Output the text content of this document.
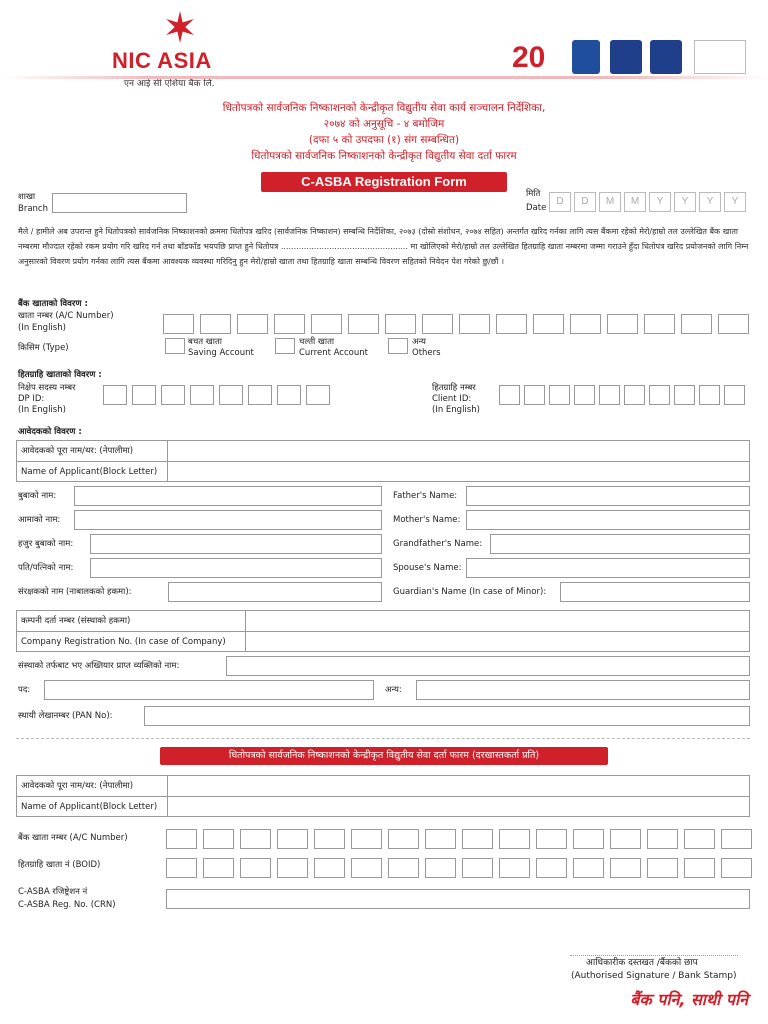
NIC ASIA
एन आई सी एशिया बैंक लि.
20
धितोपत्रको सार्वजनिक निष्काशनको केन्द्रीकृत विद्युतीय सेवा कार्य सञ्चालन निर्देशिका,
२०७४ को अनुसूचि - ४ बमोजिम
(दफा ५ को उपदफा (१) संग सम्बन्धित)
धितोपत्रको सार्वजनिक निष्काशनको केन्द्रीकृत विद्युतीय सेवा दर्ता फारम
C-ASBA Registration Form
शाखा
Branch
मिति
Date
D	D	M	M	Y	Y	Y	Y
मैले / हामीले अब उपरान्त हुने धितोपत्रको सार्वजनिक निष्काशनको क्रममा धितोपत्र खरिद (सार्वजनिक निष्काशन) सम्बन्धि निर्देशिका, २०७३ (दोस्रो संशोधन, २०७४ सहित) अन्तर्गत खरिद गर्नका लागि त्यस बैंकमा रहेको मेरो/हाम्रो तल उल्लेखित बैंक खाता नम्बरमा मौज्दात रहेको रकम प्रयोग गरि खरिद गर्न तथा बाँडफाँड भयपछि प्राप्त हुने धितोपत्र .................................................. मा खोलिएको मेरो/हाम्रो तल उल्लेखित हितग्राहि खाता नम्बरमा जम्मा गराउने हुँदा धितोपत्र खरिद प्रयोजनको लागि निम्न अनुसारको विवरण प्रयोग गर्नका लागि त्यस बैंकमा आवश्यक व्यवस्था गरिदिनु हुन मेरो/हाम्रो खाता तथा हितग्राहि खाता सम्बन्धि विवरण सहितको निवेदन पेश गरेको छु/छौं ।
बैंक खाताको विवरण :
खाता नम्बर (A/C Number)
(In English)
किसिम (Type)
बचत खाता
Saving Account
चल्ती खाता
Current Account
अन्य
Others
हितग्राहि खाताको विवरण :
निक्षेप सदस्य नम्बर
DP ID:
(In English)
हितग्राहि नम्बर
Client ID:
(In English)
आवेदकको विवरण :
आवेदकको पूरा नाम/थर: (नेपालीमा)
Name of Applicant(Block Letter)
बुबाको नाम:	Father's Name:
आमाको नाम:	Mother's Name:
हजुर बुबाको नाम:	Grandfather's Name:
पति/पत्निको नाम:	Spouse's Name:
संरक्षकको नाम (नाबालकको हकमा):	Guardian's Name (In case of Minor):
कम्पनी दर्ता नम्बर (संस्थाको हकमा)
Company Registration No. (In case of Company)
संस्थाको तर्फबाट भए अख्तियार प्राप्त व्यक्तिको नाम:
पद:	अन्य:
स्थायी लेखानम्बर (PAN No):
धितोपत्रको सार्वजनिक निष्काशनको केन्द्रीकृत विद्युतीय सेवा दर्ता फारम (दरखास्तकर्ता प्रति)
आवेदकको पूरा नाम/थर: (नेपालीमा)
Name of Applicant(Block Letter)
बैंक खाता नम्बर (A/C Number)
हितग्राहि खाता नं (BOID)
C-ASBA रजिष्ट्रेशन नं
C-ASBA Reg. No. (CRN)
आधिकारीक दस्तखत /बैंकको छाप
(Authorised Signature / Bank Stamp)
बैंक पनि, साथी पनि
